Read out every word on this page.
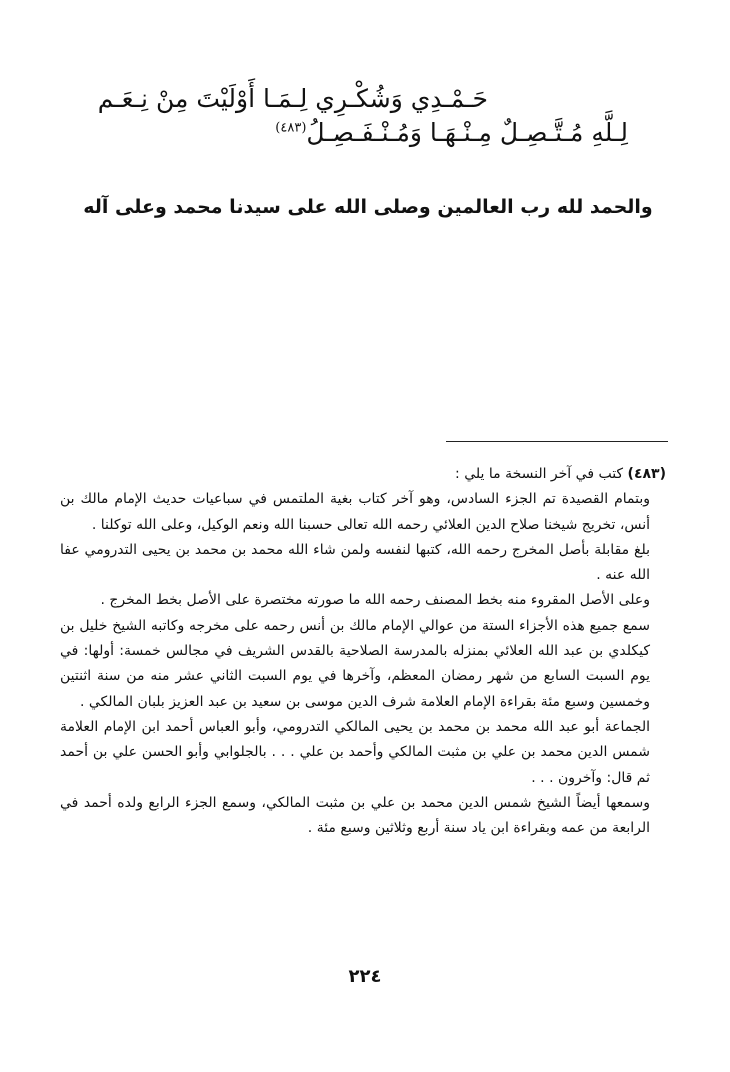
حَـمْـدِي وَشُكْـرِي لِـمَـا أَوْلَيْتَ مِنْ نِـعَـم
لِـلَّهِ مُـتَّـصِـلٌ مِـنْـهَـا وَمُـنْـفَـصِـلُ$^{(٤٨٣)}$
والحمد لله رب العالمين وصلى الله على سيدنا محمد وعلى آله

(٤٨٣) كتب في آخر النسخة ما يلي :

وبتمام القصيدة تم الجزء السادس، وهو آخر كتاب بغية الملتمس في سباعيات حديث الإمام مالك بن أنس، تخريج شيخنا صلاح الدين العلائي رحمه الله تعالى حسبنا الله ونعم الوكيل، وعلى الله توكلنا .

بلغ مقابلة بأصل المخرج رحمه الله، كتبها لنفسه ولمن شاء الله محمد بن محمد بن يحيى التدرومي عفا الله عنه .

وعلى الأصل المقروء منه بخط المصنف رحمه الله ما صورته مختصرة على الأصل بخط المخرج .

سمع جميع هذه الأجزاء الستة من عوالي الإمام مالك بن أنس رحمه على مخرجه وكاتبه الشيخ خليل بن كيكلدي بن عبد الله العلائي بمنزله بالمدرسة الصلاحية بالقدس الشريف في مجالس خمسة: أولها: في يوم السبت السابع من شهر رمضان المعظم، وآخرها في يوم السبت الثاني عشر منه من سنة اثنتين وخمسين وسبع مئة بقراءة الإمام العلامة شرف الدين موسى بن سعيد بن عبد العزيز بلبان المالكي .

الجماعة أبو عبد الله محمد بن محمد بن يحيى المالكي التدرومي، وأبو العباس أحمد ابن الإمام العلامة شمس الدين محمد بن علي بن مثبت المالكي وأحمد بن علي . . . بالجلوابي وأبو الحسن علي بن أحمد ثم قال: وآخرون . . .

وسمعها أيضاً الشيخ شمس الدين محمد بن علي بن مثبت المالكي، وسمع الجزء الرابع ولده أحمد في الرابعة من عمه وبقراءة ابن ياد سنة أربع وثلاثين وسبع مئة .

٢٢٤
